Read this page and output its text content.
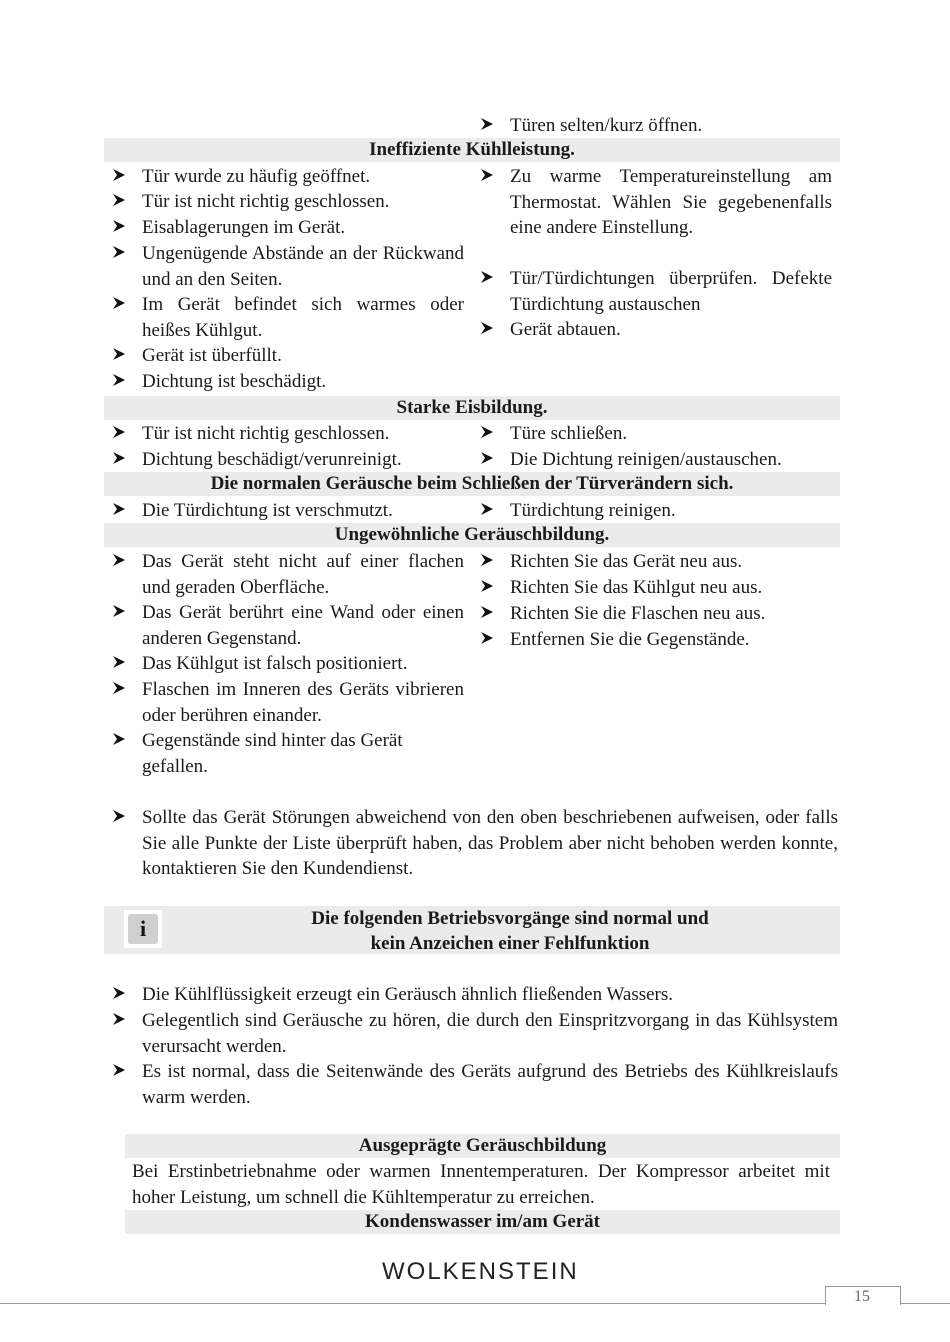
Türen selten/kurz öffnen.
Ineffiziente Kühlleistung.
Tür wurde zu häufig geöffnet.
Tür ist nicht richtig geschlossen.
Eisablagerungen im Gerät.
Ungenügende Abstände an der Rückwand und an den Seiten.
Im Gerät befindet sich warmes oder heißes Kühlgut.
Gerät ist überfüllt.
Dichtung ist beschädigt.
Zu warme Temperatureinstellung am Thermostat. Wählen Sie gegebenenfalls eine andere Einstellung.
Tür/Türdichtungen überprüfen. Defekte Türdichtung austauschen
Gerät abtauen.
Starke Eisbildung.
Tür ist nicht richtig geschlossen.
Dichtung beschädigt/verunreinigt.
Türe schließen.
Die Dichtung reinigen/austauschen.
Die normalen Geräusche beim Schließen der Türverändern sich.
Die Türdichtung ist verschmutzt.	Türdichtung reinigen.
Ungewöhnliche Geräuschbildung.
Das Gerät steht nicht auf einer flachen und geraden Oberfläche.
Das Gerät berührt eine Wand oder einen anderen Gegenstand.
Das Kühlgut ist falsch positioniert.
Flaschen im Inneren des Geräts vibrieren oder berühren einander.
Gegenstände sind hinter das Gerät gefallen.
Richten Sie das Gerät neu aus.
Richten Sie das Kühlgut neu aus.
Richten Sie die Flaschen neu aus.
Entfernen Sie die Gegenstände.
Sollte das Gerät Störungen abweichend von den oben beschriebenen aufweisen, oder falls Sie alle Punkte der Liste überprüft haben, das Problem aber nicht behoben werden konnte, kontaktieren Sie den Kundendienst.
i	Die folgenden Betriebsvorgänge sind normal und
kein Anzeichen einer Fehlfunktion
Die Kühlflüssigkeit erzeugt ein Geräusch ähnlich fließenden Wassers.
Gelegentlich sind Geräusche zu hören, die durch den Einspritzvorgang in das Kühlsystem verursacht werden.
Es ist normal, dass die Seitenwände des Geräts aufgrund des Betriebs des Kühlkreislaufs warm werden.
Ausgeprägte Geräuschbildung
Bei Erstinbetriebnahme oder warmen Innentemperaturen. Der Kompressor arbeitet mit hoher Leistung, um schnell die Kühltemperatur zu erreichen.
Kondenswasser im/am Gerät
WOLKENSTEIN
15
